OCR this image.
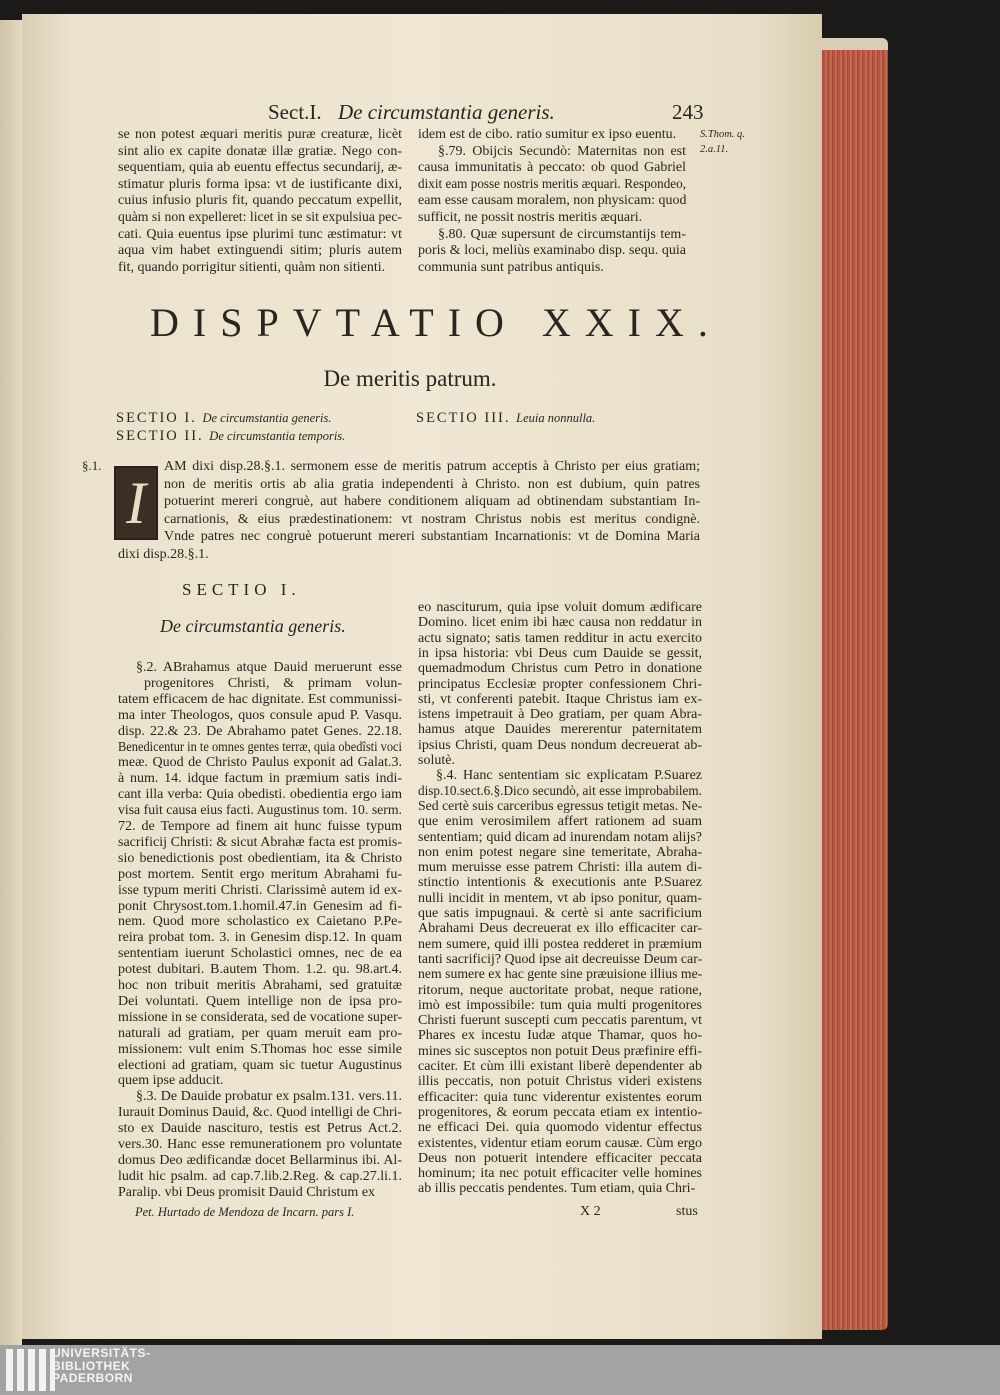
Sect.I. De circumstantia generis.	243
se non potest æquari meritis puræ creaturæ, licèt
sint alio ex capite donatæ illæ gratiæ. Nego con-
sequentiam, quia ab euentu effectus secundarij, æ-
stimatur pluris forma ipsa: vt de iustificante dixi,
cuius infusio pluris fit, quando peccatum expellit,
quàm si non expelleret: licet in se sit expulsiua pec-
cati. Quia euentus ipse plurimi tunc æstimatur: vt
aqua vim habet extinguendi sitim; pluris autem
fit, quando porrigitur sitienti, quàm non sitienti.
idem est de cibo. ratio sumitur ex ipso euentu.
§.79. Obijcis Secundò: Maternitas non est
causa immunitatis à peccato: ob quod Gabriel
dixit eam posse nostris meritis æquari. Respondeo,
eam esse causam moralem, non physicam: quod
sufficit, ne possit nostris meritis æquari.
§.80. Quæ supersunt de circumstantijs tem-
poris & loci, meliùs examinabo disp. sequ. quia
communia sunt patribus antiquis.
S.Thom. q.
2.a.11.
DISPVTATIO XXIX.
De meritis patrum.
SECTIO I. De circumstantia generis.
SECTIO II. De circumstantia temporis.
SECTIO III. Leuia nonnulla.
§.1.
I
AM dixi disp.28.§.1. sermonem esse de meritis patrum acceptis à Christo per eius gratiam;
non de meritis ortis ab alia gratia independenti à Christo. non est dubium, quin patres
potuerint mereri congruè, aut habere conditionem aliquam ad obtinendam substantiam In-
carnationis, & eius prædestinationem: vt nostram Christus nobis est meritus condignè.
Vnde patres nec congruè potuerunt mereri substantiam Incarnationis: vt de Domina Maria
dixi disp.28.§.1.
SECTIO I.
De circumstantia generis.
§.2. ABrahamus atque Dauid meruerunt esse
progenitores Christi, & primam volun-
tatem efficacem de hac dignitate. Est communissi-
ma inter Theologos, quos consule apud P. Vasqu.
disp. 22.& 23. De Abrahamo patet Genes. 22.18.
Benedicentur in te omnes gentes terræ, quia obedîsti voci
meæ. Quod de Christo Paulus exponit ad Galat.3.
à num. 14. idque factum in præmium satis indi-
cant illa verba: Quia obedisti. obedientia ergo iam
visa fuit causa eius facti. Augustinus tom. 10. serm.
72. de Tempore ad finem ait hunc fuisse typum
sacrificij Christi: & sicut Abrahæ facta est promis-
sio benedictionis post obedientiam, ita & Christo
post mortem. Sentit ergo meritum Abrahami fu-
isse typum meriti Christi. Clarissimè autem id ex-
ponit Chrysost.tom.1.homil.47.in Genesim ad fi-
nem. Quod more scholastico ex Caietano P.Pe-
reira probat tom. 3. in Genesim disp.12. In quam
sententiam iuerunt Scholastici omnes, nec de ea
potest dubitari. B.autem Thom. 1.2. qu. 98.art.4.
hoc non tribuit meritis Abrahami, sed gratuitæ
Dei voluntati. Quem intellige non de ipsa pro-
missione in se considerata, sed de vocatione super-
naturali ad gratiam, per quam meruit eam pro-
missionem: vult enim S.Thomas hoc esse simile
electioni ad gratiam, quam sic tuetur Augustinus
quem ipse adducit.
§.3. De Dauide probatur ex psalm.131. vers.11.
Iurauit Dominus Dauid, &c. Quod intelligi de Chri-
sto ex Dauide nascituro, testis est Petrus Act.2.
vers.30. Hanc esse remunerationem pro voluntate
domus Deo ædificandæ docet Bellarminus ibi. Al-
ludit hic psalm. ad cap.7.lib.2.Reg. & cap.27.li.1.
Paralip. vbi Deus promisit Dauid Christum ex
eo nasciturum, quia ipse voluit domum ædificare
Domino. licet enim ibi hæc causa non reddatur in
actu signato; satis tamen redditur in actu exercito
in ipsa historia: vbi Deus cum Dauide se gessit,
quemadmodum Christus cum Petro in donatione
principatus Ecclesiæ propter confessionem Chri-
sti, vt conferenti patebit. Itaque Christus iam ex-
istens impetrauit à Deo gratiam, per quam Abra-
hamus atque Dauides mererentur paternitatem
ipsius Christi, quam Deus nondum decreuerat ab-
solutè.
§.4. Hanc sententiam sic explicatam P.Suarez
disp.10.sect.6.§.Dico secundò, ait esse improbabilem.
Sed certè suis carceribus egressus tetigit metas. Ne-
que enim verosimilem affert rationem ad suam
sententiam; quid dicam ad inurendam notam alijs?
non enim potest negare sine temeritate, Abraha-
mum meruisse esse patrem Christi: illa autem di-
stinctio intentionis & executionis ante P.Suarez
nulli incidit in mentem, vt ab ipso ponitur, quam-
que satis impugnaui. & certè si ante sacrificium
Abrahami Deus decreuerat ex illo efficaciter car-
nem sumere, quid illi postea redderet in præmium
tanti sacrificij? Quod ipse ait decreuisse Deum car-
nem sumere ex hac gente sine præuisione illius me-
ritorum, neque auctoritate probat, neque ratione,
imò est impossibile: tum quia multi progenitores
Christi fuerunt suscepti cum peccatis parentum, vt
Phares ex incestu Iudæ atque Thamar, quos ho-
mines sic susceptos non potuit Deus præfinire effi-
caciter. Et cùm illi existant liberè dependenter ab
illis peccatis, non potuit Christus videri existens
efficaciter: quia tunc viderentur existentes eorum
progenitores, & eorum peccata etiam ex intentio-
ne efficaci Dei. quia quomodo videntur effectus
existentes, videntur etiam eorum causæ. Cùm ergo
Deus non potuerit intendere efficaciter peccata
hominum; ita nec potuit efficaciter velle homines
ab illis peccatis pendentes. Tum etiam, quia Chri-
Pet. Hurtado de Mendoza de Incarn. pars I.	X 2	stus
UNIVERSITÄTS-
BIBLIOTHEK
PADERBORN
